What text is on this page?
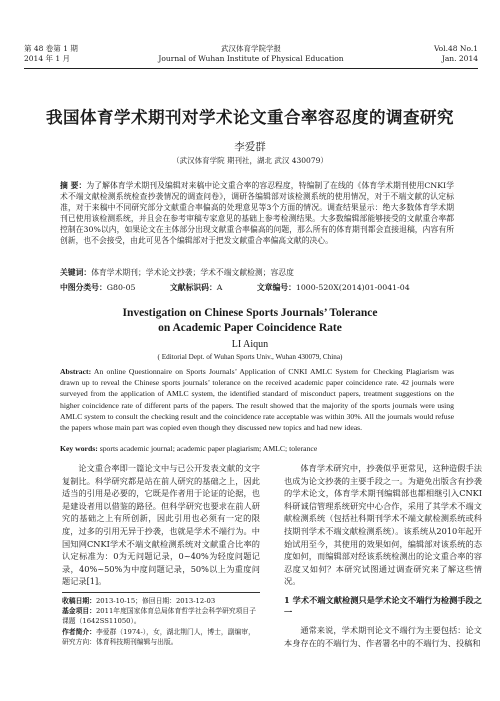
第 48 卷第 1 期
2014 年 1 月
武汉体育学院学报
Journal of Wuhan Institute of Physical Education
Vol.48 No.1
Jan. 2014
我国体育学术期刊对学术论文重合率容忍度的调查研究
李爱群
（武汉体育学院 期刊社，湖北 武汉 430079）
摘 要：为了解体育学术期刊及编辑对来稿中论文重合率的容忍程度，特编制了在线的《体育学术期刊使用CNKI学术不端文献检测系统检查抄袭情况的调查问卷》，调研各编辑部对该检测系统的使用情况，对于不端文献的认定标准，对于来稿中不同研究部分文献重合率偏高的处理意见等3个方面的情况。调查结果显示：绝大多数体育学术期刊已使用该检测系统，并且会在参考审稿专家意见的基础上参考检测结果。大多数编辑部能够接受的文献重合率都控制在30%以内，如果论文在主体部分出现文献重合率偏高的问题，那么所有的体育期刊都会直接退稿，内容有所创新，也不会接受，由此可见各个编辑部对于把发文献重合率偏高文献的决心。
关键词：体育学术期刊；学术论文抄袭；学术不端文献检测；容忍度
中图分类号：G80-05	文献标识码：A	文章编号：1000-520X(2014)01-0041-04
Investigation on Chinese Sports Journals’ Tolerance
on Academic Paper Coincidence Rate
LI Aiqun
( Editorial Dept. of Wuhan Sports Univ., Wuhan 430079, China)
Abstract: An online Questionnaire on Sports Journals’ Application of CNKI AMLC System for Checking Plagiarism was drawn up to reveal the Chinese sports journals’ tolerance on the received academic paper coincidence rate. 42 journals were surveyed from the application of AMLC system, the identified standard of misconduct papers, treatment suggestions on the higher coincidence rate of different parts of the papers. The result showed that the majority of the sports journals were using AMLC system to consult the checking result and the coincidence rate acceptable was within 30%. All the journals would refuse the papers whose main part was copied even though they discussed new topics and had new ideas.
Key words: sports academic journal; academic paper plagiarism; AMLC; tolerance

论文重合率即一篇论文中与已公开发表文献的文字复制比。科学研究都是站在前人研究的基础之上，因此适当的引用是必要的，它既是作者用于论证的论据，也是建设者用以借鉴的路径。但科学研究也要求在前人研究的基础之上有所创新，因此引用也必须有一定的限度，过多的引用无异于抄袭，也就是学术不端行为。中国知网CNKI学术不端文献检测系统对文献重合比率的认定标准为：0为无问题记录，0~40%为轻度问题记录，40%~50%为中度问题记录，50%以上为重度问题记录[1]。

体育学术研究中，抄袭似乎更常见，这种造假手法也成为论文抄袭的主要手段之一。为避免出版含有抄袭的学术论文，体育学术期刊编辑部也都相继引入CNKI科研诚信管理系统研究中心合作，采用了其学术不端文献检测系统（包括社科期刊学术不端文献检测系统或科技期刊学术不端文献检测系统）。该系统从2010年起开始试用至今，其使用的效果如何，编辑部对该系统的态度如何，而编辑部对经该系统检测出的论文重合率的容忍度又如何？本研究试图通过调查研究来了解这些情况。

1 学术不端文献检测只是学术论文不端行为检测手段之一

通常来说，学术期刊论文不端行为主要包括：论文本身存在的不端行为、作者署名中的不端行为、投稿和

收稿日期：2013-10-15；修回日期：2013-12-03
基金项目：2011年度国家体育总局体育哲学社会科学研究项目子课题（1642SS11050）。
作者简介：李爱群（1974-），女，湖北荆门人，博士，副编审，研究方向：体育科技期刊编辑与出版。
